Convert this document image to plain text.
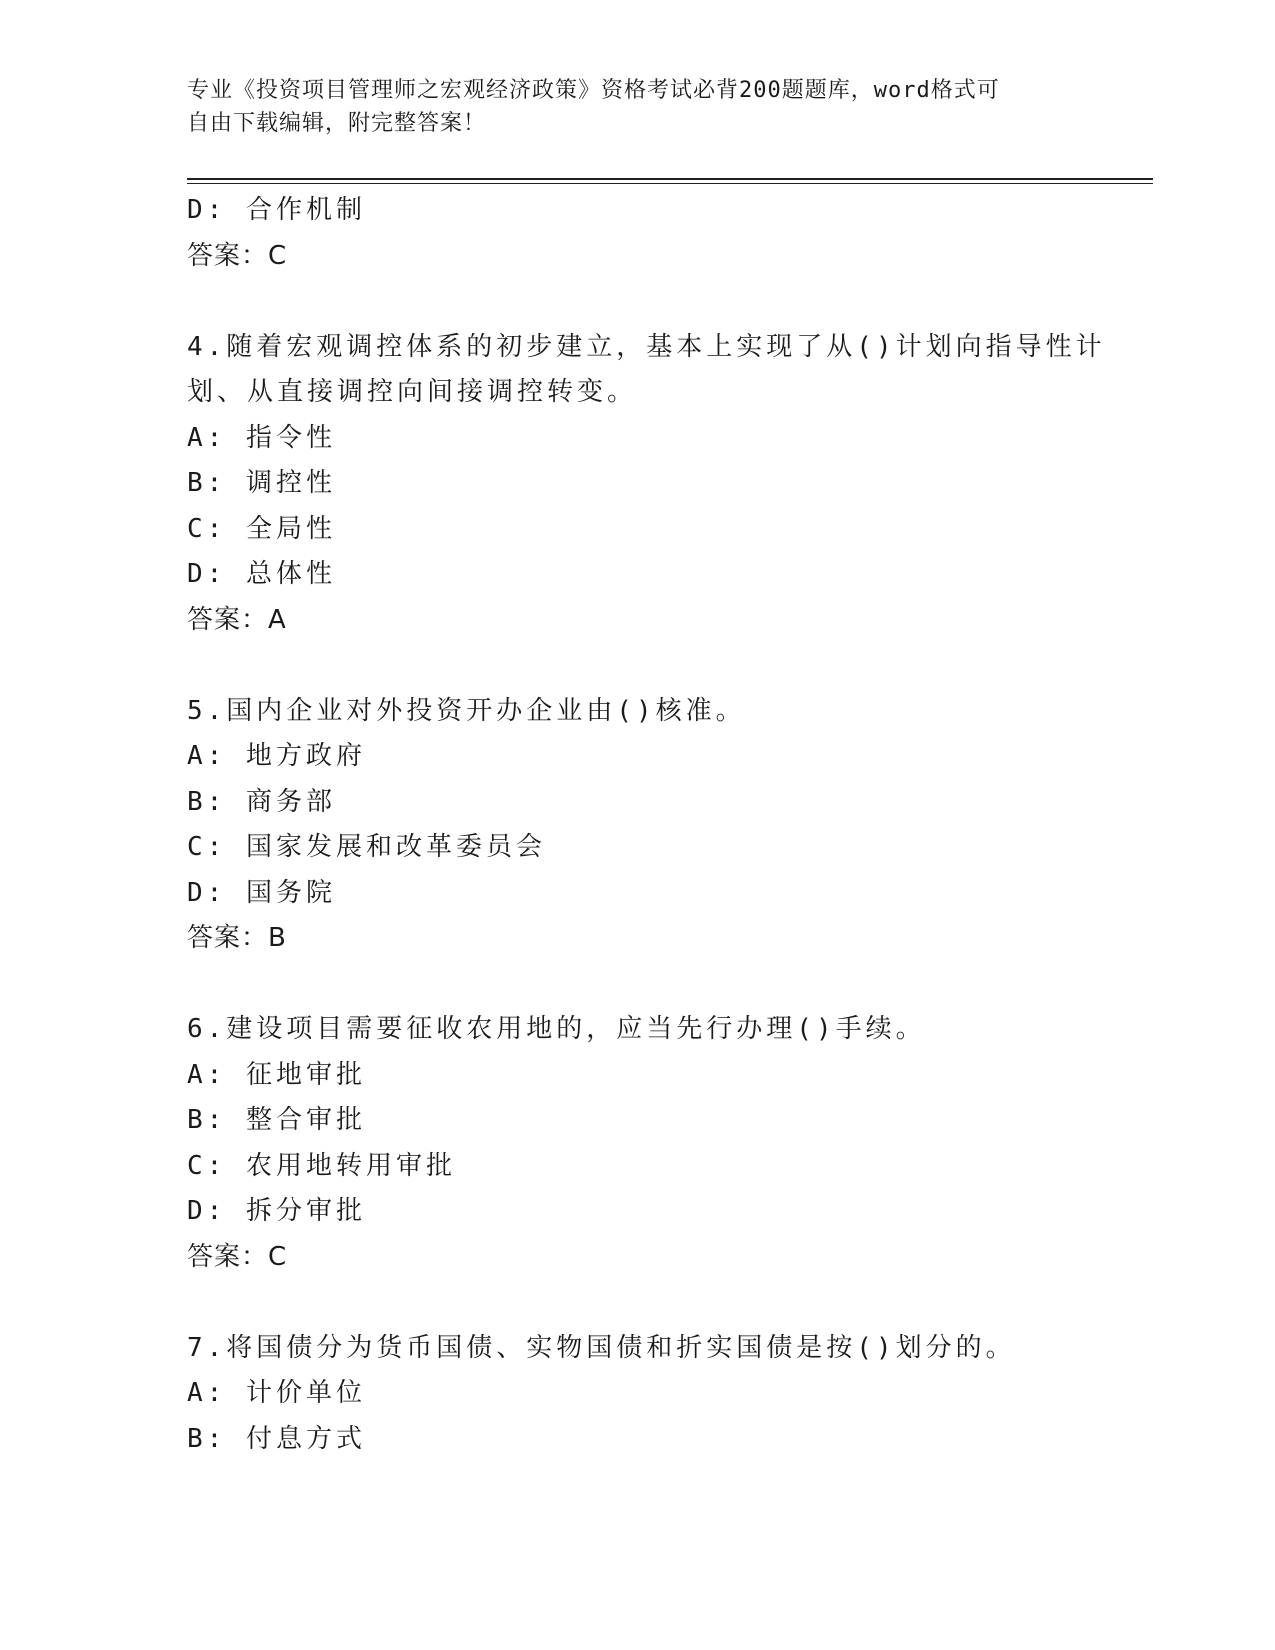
专业《投资项目管理师之宏观经济政策》资格考试必背200题题库，word格式可
自由下载编辑，附完整答案！
D: 合作机制
答案：C
4.随着宏观调控体系的初步建立，基本上实现了从()计划向指导性计
划、从直接调控向间接调控转变。
A: 指令性
B: 调控性
C: 全局性
D: 总体性
答案：A
5.国内企业对外投资开办企业由()核准。
A: 地方政府
B: 商务部
C: 国家发展和改革委员会
D: 国务院
答案：B
6.建设项目需要征收农用地的，应当先行办理()手续。
A: 征地审批
B: 整合审批
C: 农用地转用审批
D: 拆分审批
答案：C
7.将国债分为货币国债、实物国债和折实国债是按()划分的。
A: 计价单位
B: 付息方式
